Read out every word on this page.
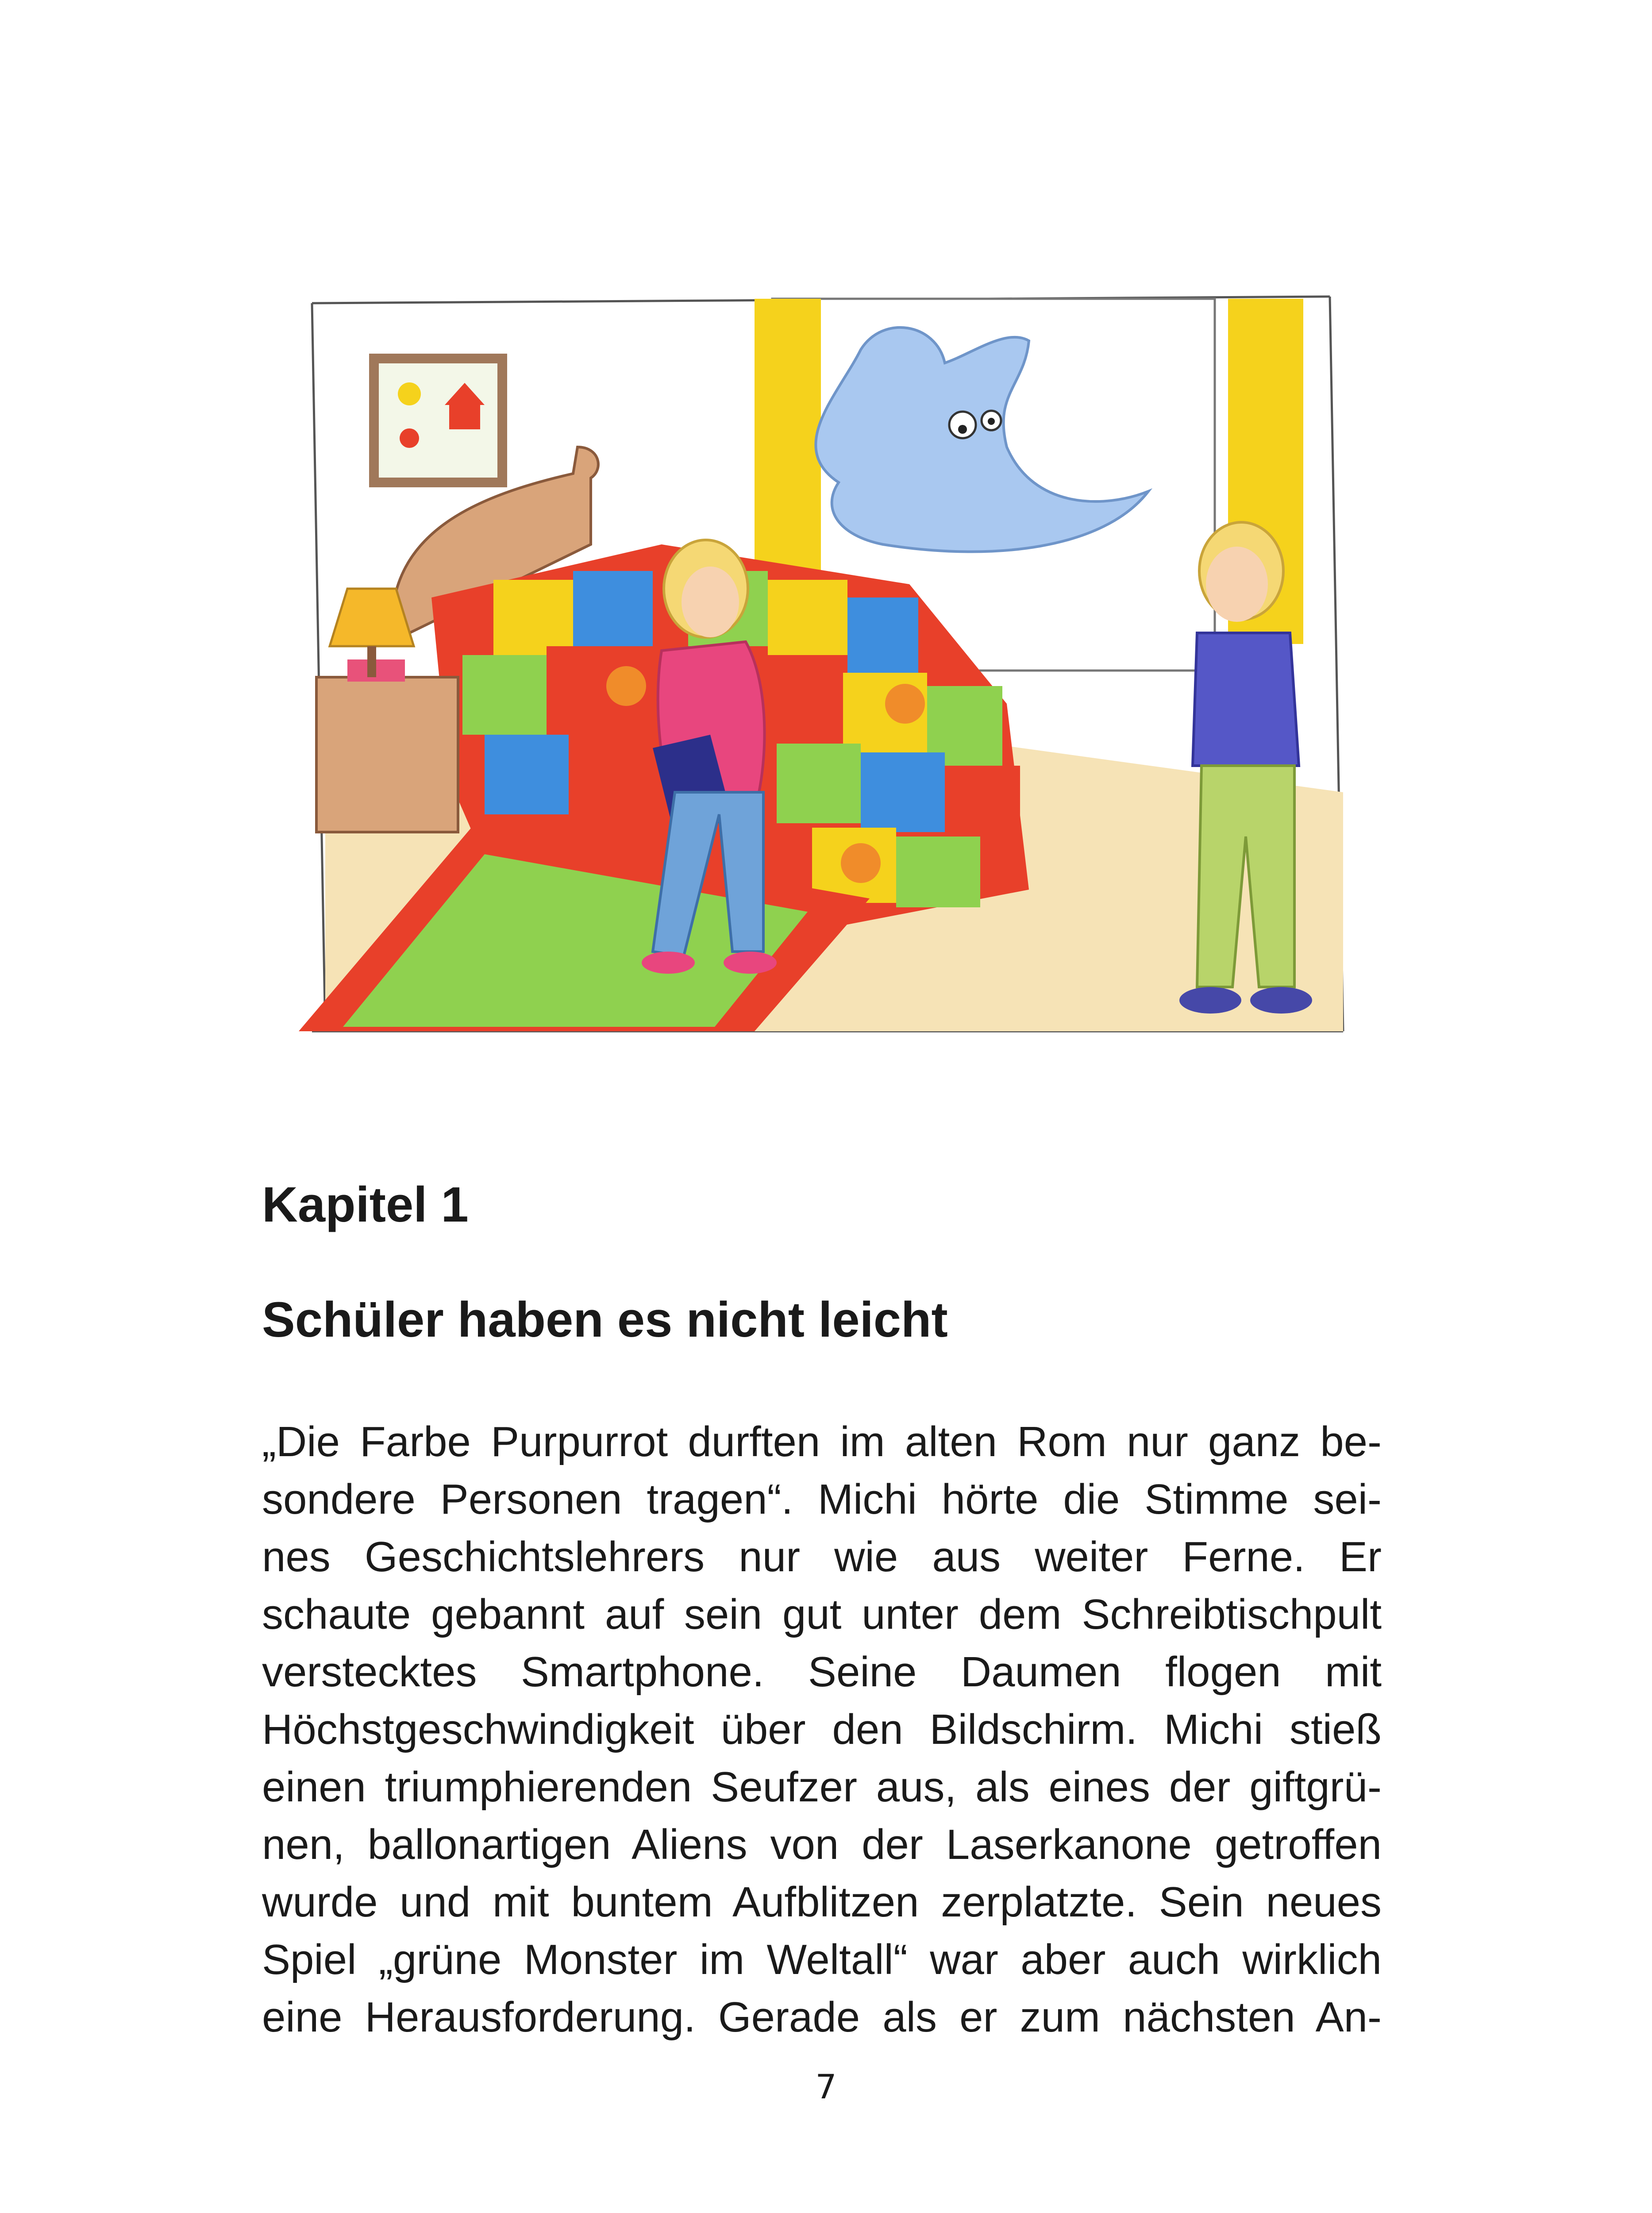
Kapitel 1
Schüler haben es nicht leicht
„Die Farbe Purpurrot durften im alten Rom nur ganz be-
sondere Personen tragen“. Michi hörte die Stimme sei-
nes Geschichtslehrers nur wie aus weiter Ferne. Er
schaute gebannt auf sein gut unter dem Schreibtischpult
verstecktes Smartphone. Seine Daumen flogen mit
Höchstgeschwindigkeit über den Bildschirm. Michi stieß
einen triumphierenden Seufzer aus, als eines der giftgrü-
nen, ballonartigen Aliens von der Laserkanone getroffen
wurde und mit buntem Aufblitzen zerplatzte. Sein neues
Spiel „grüne Monster im Weltall“ war aber auch wirklich
eine Herausforderung. Gerade als er zum nächsten An-
7
